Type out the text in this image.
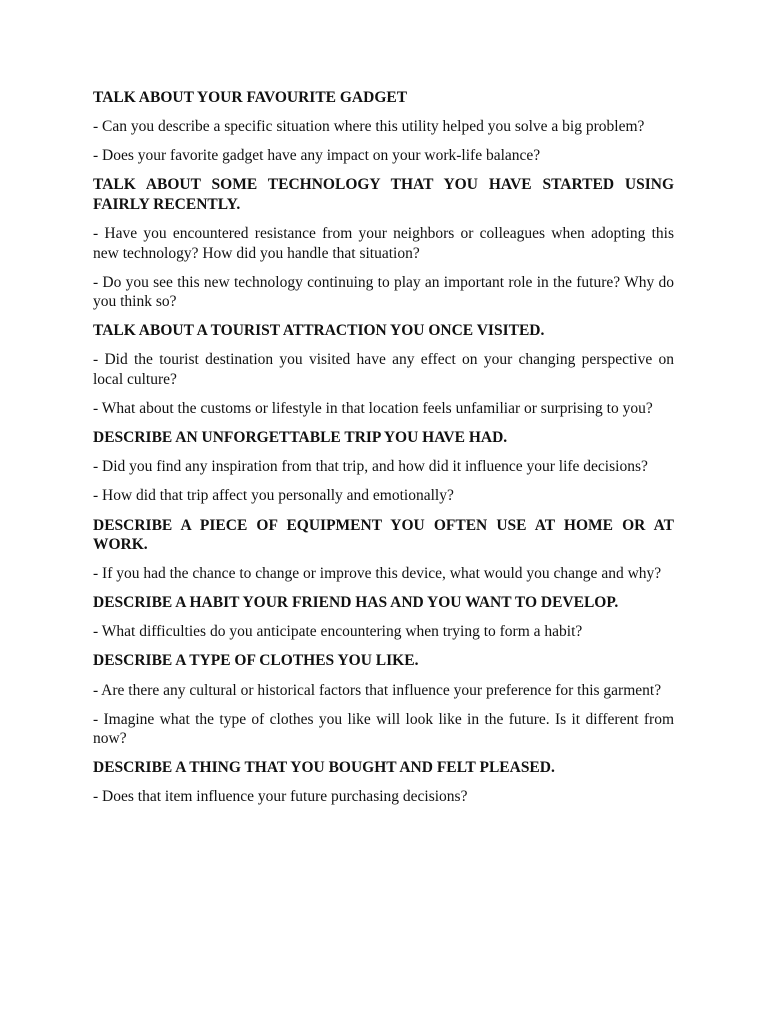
TALK ABOUT YOUR FAVOURITE GADGET

- Can you describe a specific situation where this utility helped you solve a big problem?

- Does your favorite gadget have any impact on your work-life balance?

TALK ABOUT SOME TECHNOLOGY THAT YOU HAVE STARTED USING FAIRLY RECENTLY.

- Have you encountered resistance from your neighbors or colleagues when adopting this new technology? How did you handle that situation?

- Do you see this new technology continuing to play an important role in the future? Why do you think so?

TALK ABOUT A TOURIST ATTRACTION YOU ONCE VISITED.

- Did the tourist destination you visited have any effect on your changing perspective on local culture?

- What about the customs or lifestyle in that location feels unfamiliar or surprising to you?

DESCRIBE AN UNFORGETTABLE TRIP YOU HAVE HAD.

- Did you find any inspiration from that trip, and how did it influence your life decisions?

- How did that trip affect you personally and emotionally?

DESCRIBE A PIECE OF EQUIPMENT YOU OFTEN USE AT HOME OR AT WORK.

- If you had the chance to change or improve this device, what would you change and why?

DESCRIBE A HABIT YOUR FRIEND HAS AND YOU WANT TO DEVELOP.

- What difficulties do you anticipate encountering when trying to form a habit?

DESCRIBE A TYPE OF CLOTHES YOU LIKE.

- Are there any cultural or historical factors that influence your preference for this garment?

- Imagine what the type of clothes you like will look like in the future. Is it different from now?

DESCRIBE A THING THAT YOU BOUGHT AND FELT PLEASED.

- Does that item influence your future purchasing decisions?
